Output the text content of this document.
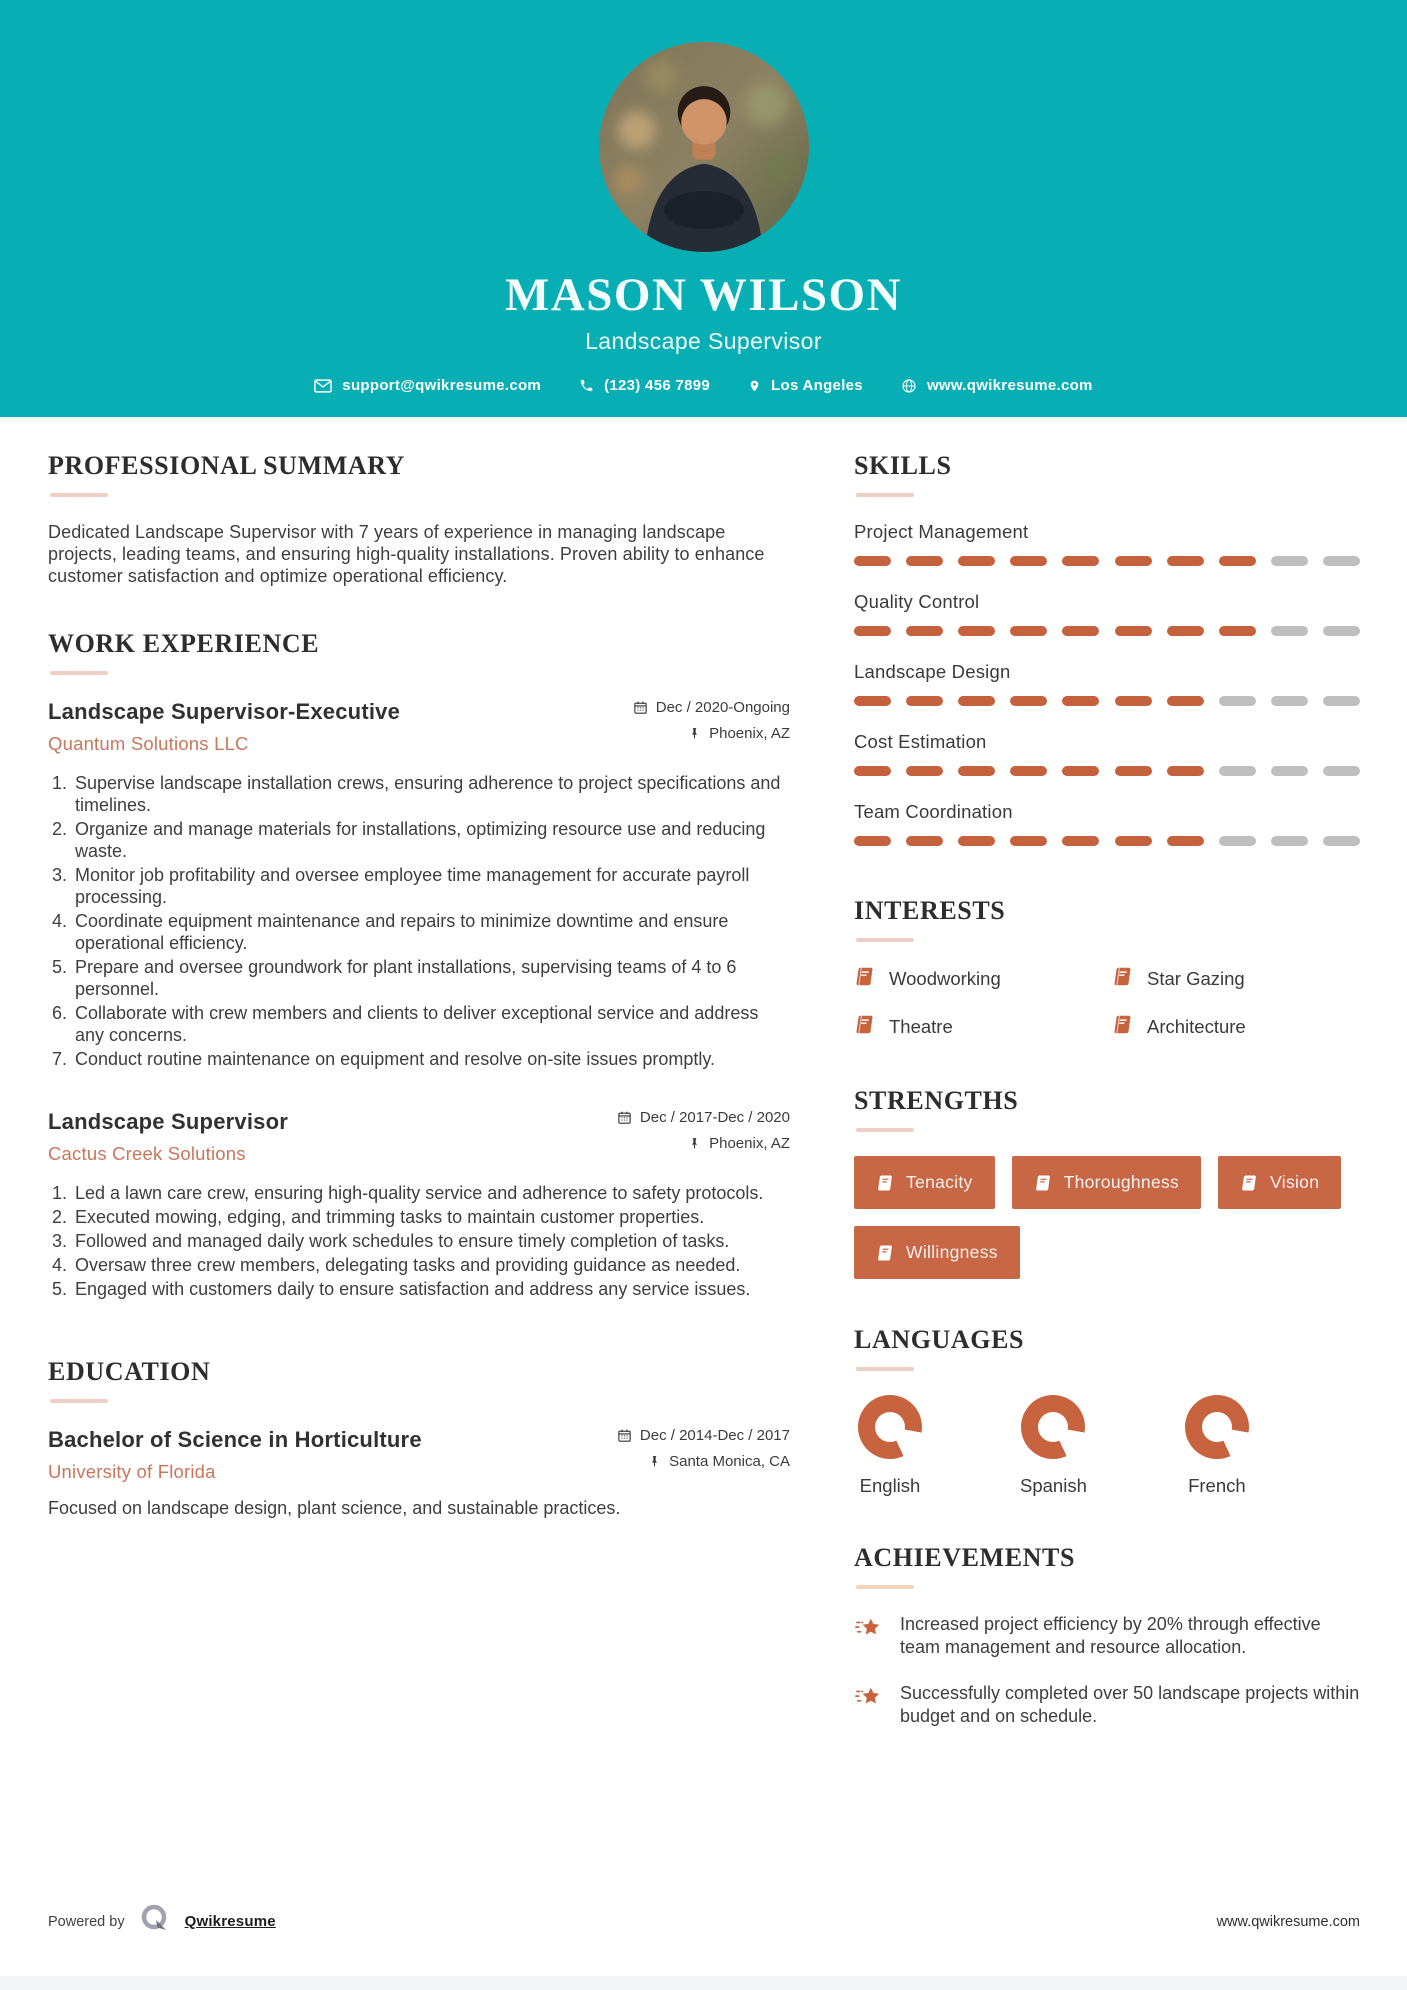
MASON WILSON
Landscape Supervisor
support@qwikresume.com	(123) 456 7899	Los Angeles	www.qwikresume.com
PROFESSIONAL SUMMARY

Dedicated Landscape Supervisor with 7 years of experience in managing landscape projects, leading teams, and ensuring high-quality installations. Proven ability to enhance customer satisfaction and optimize operational efficiency.

WORK EXPERIENCE
Landscape Supervisor-Executive
Quantum Solutions LLC
Dec / 2020-Ongoing
Phoenix, AZ
1. Supervise landscape installation crews, ensuring adherence to project specifications and timelines.
2. Organize and manage materials for installations, optimizing resource use and reducing waste.
3. Monitor job profitability and oversee employee time management for accurate payroll processing.
4. Coordinate equipment maintenance and repairs to minimize downtime and ensure operational efficiency.
5. Prepare and oversee groundwork for plant installations, supervising teams of 4 to 6 personnel.
6. Collaborate with crew members and clients to deliver exceptional service and address any concerns.
7. Conduct routine maintenance on equipment and resolve on-site issues promptly.
Landscape Supervisor
Cactus Creek Solutions
Dec / 2017-Dec / 2020
Phoenix, AZ
1. Led a lawn care crew, ensuring high-quality service and adherence to safety protocols.
2. Executed mowing, edging, and trimming tasks to maintain customer properties.
3. Followed and managed daily work schedules to ensure timely completion of tasks.
4. Oversaw three crew members, delegating tasks and providing guidance as needed.
5. Engaged with customers daily to ensure satisfaction and address any service issues.
EDUCATION
Bachelor of Science in Horticulture
University of Florida
Dec / 2014-Dec / 2017
Santa Monica, CA

Focused on landscape design, plant science, and sustainable practices.

SKILLS
Project Management
Quality Control
Landscape Design
Cost Estimation
Team Coordination
INTERESTS
Woodworking	Star Gazing
Theatre	Architecture
STRENGTHS
Tenacity	Thoroughness	Vision
Willingness
LANGUAGES
English	Spanish	French
ACHIEVEMENTS
Increased project efficiency by 20% through effective team management and resource allocation.
Successfully completed over 50 landscape projects within budget and on schedule.
Powered by	Qwikresume	www.qwikresume.com
